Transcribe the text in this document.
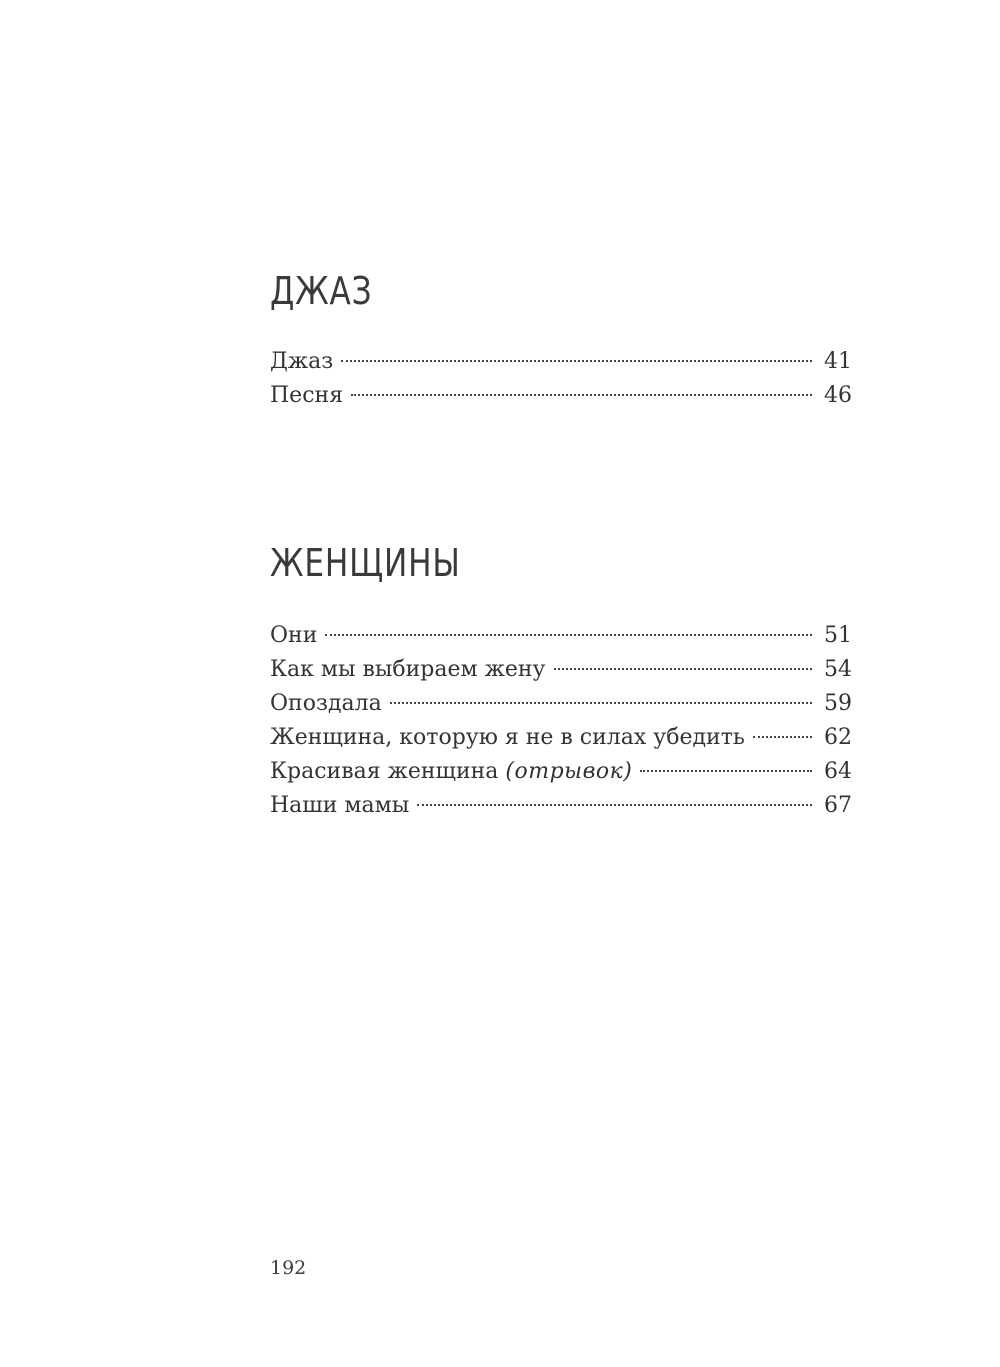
ДЖАЗ
Джаз	41
Песня	46
ЖЕНЩИНЫ
Они	51
Как мы выбираем жену	54
Опоздала	59
Женщина, которую я не в силах убедить	62
Красивая женщина (отрывок)	64
Наши мамы	67
192
